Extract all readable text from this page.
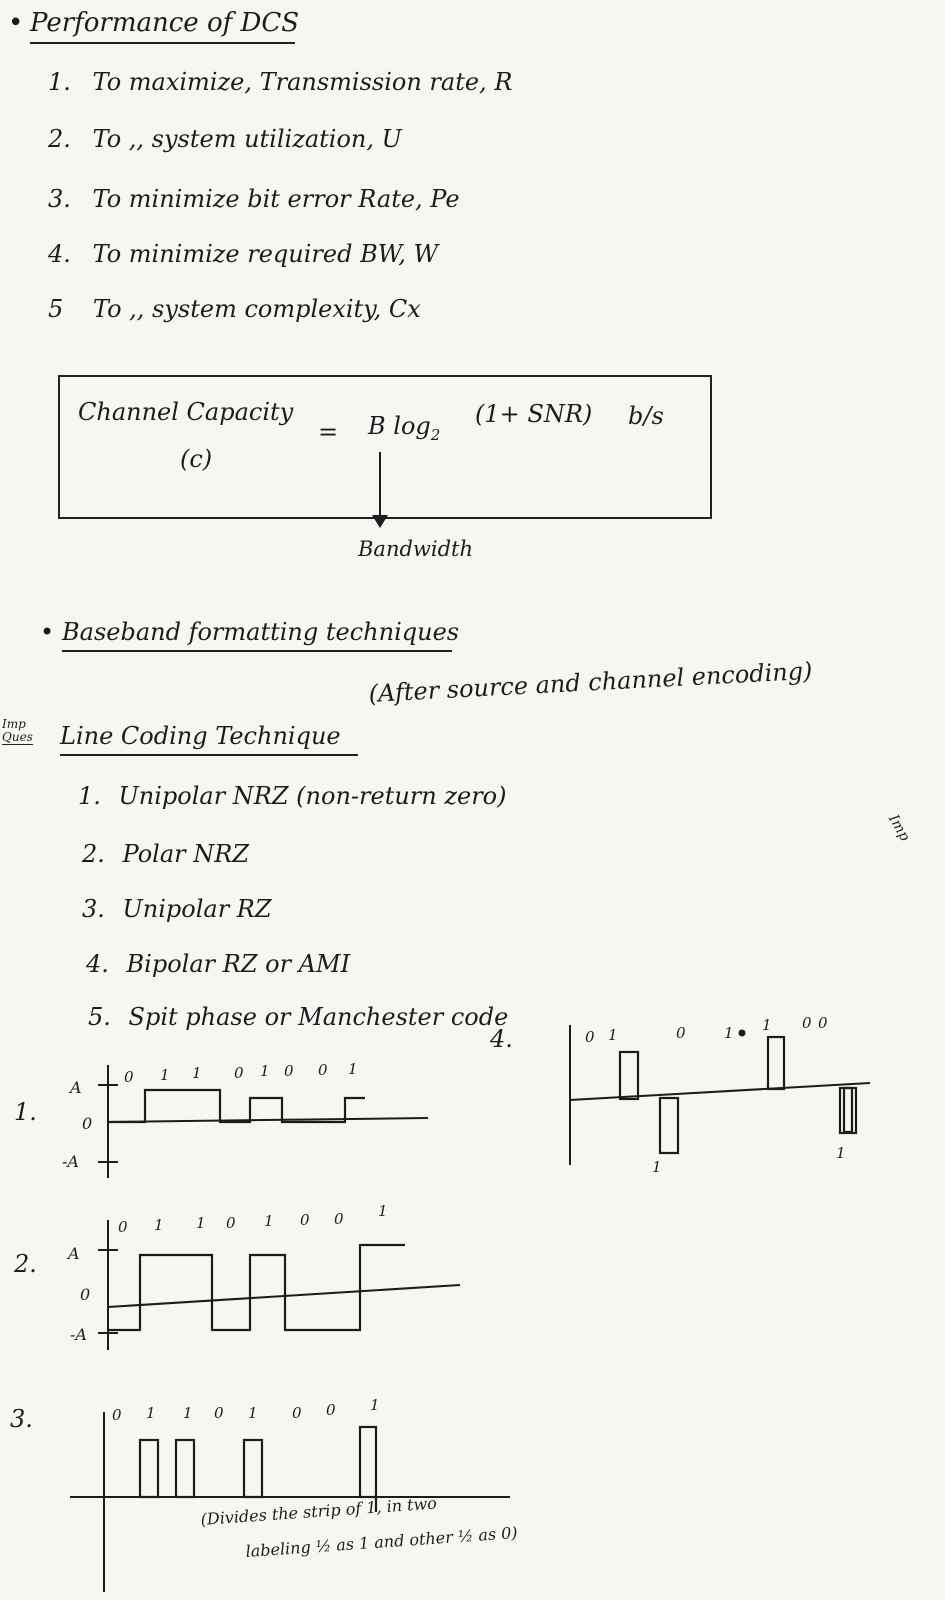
• Performance of DCS
1. To maximize, Transmission rate, R
2. To ,, system utilization, U
3. To minimize bit error Rate, Pe
4. To minimize required BW, W
5 To ,, system complexity, Cx
Channel Capacity
(c)
= B $\log_2$
(1+ SNR) b/s
Bandwidth
• Baseband formatting techniques
Imp
Ques Line Coding Technique
(After source and channel encoding)
1. Unipolar NRZ (non-return zero)
2. Polar NRZ
3. Unipolar RZ
4. Bipolar RZ or AMI
5. Spit phase or Manchester code
Imp
1.
2.
3.
4.
A
0
-A
A
0
-A
(Divides the strip of 1, in two
labeling ½ as 1 and other ½ as 0)
0 1 1 0 1 0 0 1
0 1 1 0 1 0 0 1
0 1 1 0 1 0 0 1
0 1	0	1 1 0 0
1
1
